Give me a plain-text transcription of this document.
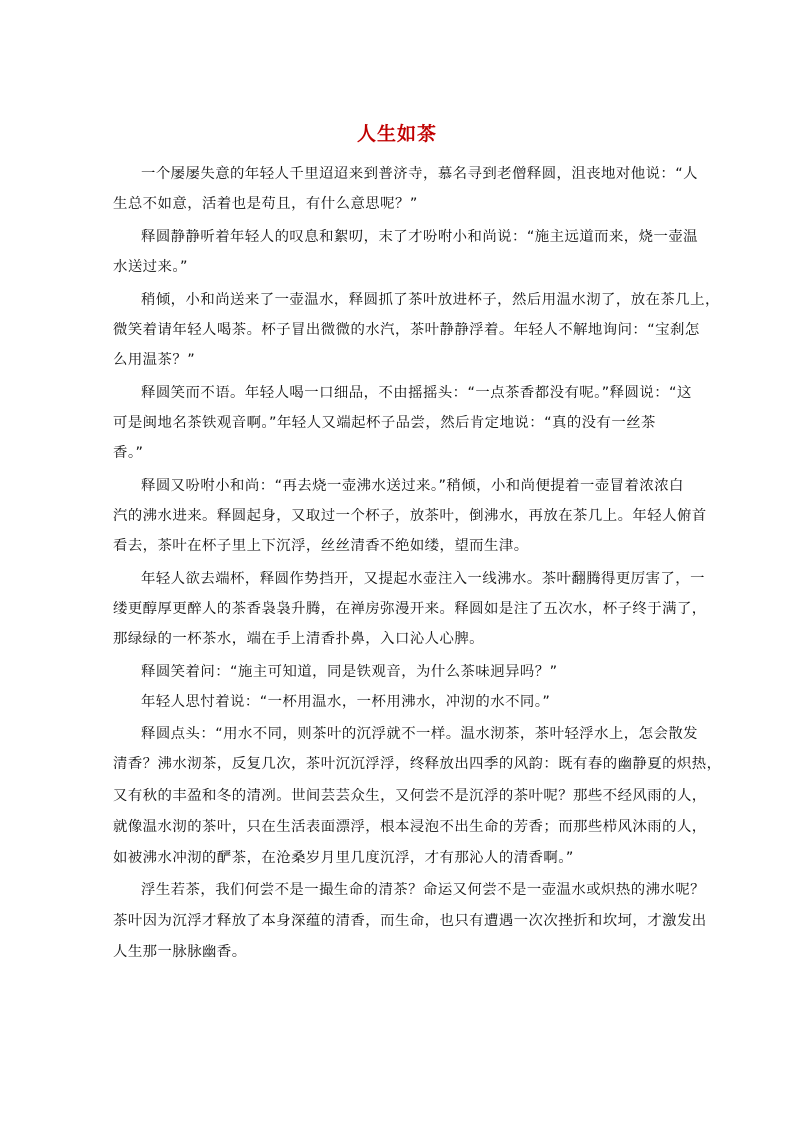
人生如茶
一个屡屡失意的年轻人千里迢迢来到普济寺，慕名寻到老僧释圆，沮丧地对他说：“人
生总不如意，活着也是苟且，有什么意思呢？”
释圆静静听着年轻人的叹息和絮叨，末了才吩咐小和尚说：“施主远道而来，烧一壶温
水送过来。”
稍倾，小和尚送来了一壶温水，释圆抓了茶叶放进杯子，然后用温水沏了，放在茶几上，
微笑着请年轻人喝茶。杯子冒出微微的水汽，茶叶静静浮着。年轻人不解地询问：“宝刹怎
么用温茶？”
释圆笑而不语。年轻人喝一口细品，不由摇摇头：“一点茶香都没有呢。”释圆说：“这
可是闽地名茶铁观音啊。”年轻人又端起杯子品尝，然后肯定地说：“真的没有一丝茶
香。”
释圆又吩咐小和尚：“再去烧一壶沸水送过来。”稍倾，小和尚便提着一壶冒着浓浓白
汽的沸水进来。释圆起身，又取过一个杯子，放茶叶，倒沸水，再放在茶几上。年轻人俯首
看去，茶叶在杯子里上下沉浮，丝丝清香不绝如缕，望而生津。
年轻人欲去端杯，释圆作势挡开，又提起水壶注入一线沸水。茶叶翻腾得更厉害了，一
缕更醇厚更醉人的茶香袅袅升腾，在禅房弥漫开来。释圆如是注了五次水，杯子终于满了，
那绿绿的一杯茶水，端在手上清香扑鼻，入口沁人心脾。
释圆笑着问：“施主可知道，同是铁观音，为什么茶味迥异吗？”
年轻人思忖着说：“一杯用温水，一杯用沸水，冲沏的水不同。”
释圆点头：“用水不同，则茶叶的沉浮就不一样。温水沏茶，茶叶轻浮水上，怎会散发
清香？沸水沏茶，反复几次，茶叶沉沉浮浮，终释放出四季的风韵：既有春的幽静夏的炽热，
又有秋的丰盈和冬的清冽。世间芸芸众生，又何尝不是沉浮的茶叶呢？那些不经风雨的人，
就像温水沏的茶叶，只在生活表面漂浮，根本浸泡不出生命的芳香；而那些栉风沐雨的人，
如被沸水冲沏的酽茶，在沧桑岁月里几度沉浮，才有那沁人的清香啊。”
浮生若茶，我们何尝不是一撮生命的清茶？命运又何尝不是一壶温水或炽热的沸水呢？
茶叶因为沉浮才释放了本身深蕴的清香，而生命，也只有遭遇一次次挫折和坎坷，才激发出
人生那一脉脉幽香。
